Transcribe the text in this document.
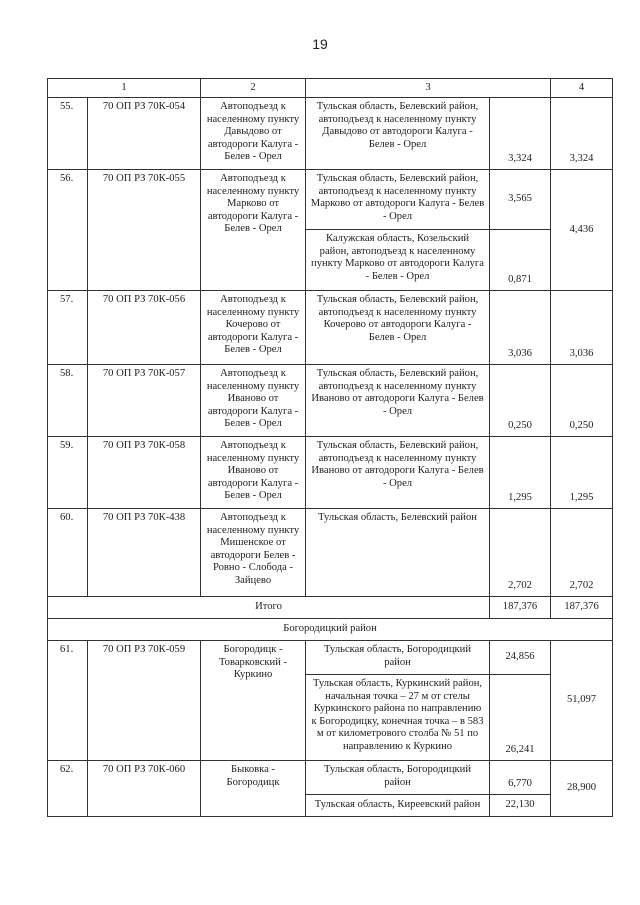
19
1		2	3		4
55.	70 ОП РЗ 70К-054	Автоподъезд к населенному пункту Давыдово от автодороги Калуга - Белев - Орел	Тульская область, Белевский район, автоподъезд к населенному пункту Давыдово от автодороги Калуга - Белев - Орел	3,324	3,324
56.	70 ОП РЗ 70К-055	Автоподъезд к населенному пункту Марково от автодороги Калуга - Белев - Орел	Тульская область, Белевский район, автоподъезд к населенному пункту Марково от автодороги Калуга - Белев - Орел	3,565	4,436
			Калужская область, Козельский район, автоподъезд к населенному пункту Марково от автодороги Калуга - Белев - Орел	0,871	
57.	70 ОП РЗ 70К-056	Автоподъезд к населенному пункту Кочерово от автодороги Калуга - Белев - Орел	Тульская область, Белевский район, автоподъезд к населенному пункту Кочерово от автодороги Калуга - Белев - Орел	3,036	3,036
58.	70 ОП РЗ 70К-057	Автоподъезд к населенному пункту Иваново от автодороги Калуга - Белев - Орел	Тульская область, Белевский район, автоподъезд к населенному пункту Иваново от автодороги Калуга - Белев - Орел	0,250	0,250
59.	70 ОП РЗ 70К-058	Автоподъезд к населенному пункту Иваново от автодороги Калуга - Белев - Орел	Тульская область, Белевский район, автоподъезд к населенному пункту Иваново от автодороги Калуга - Белев - Орел	1,295	1,295
60.	70 ОП РЗ 70К-438	Автоподъезд к населенному пункту Мишенское от автодороги Белев - Ровно - Слобода - Зайцево	Тульская область, Белевский район	2,702	2,702
Итого				187,376	187,376
Богородицкий район					
61.	70 ОП РЗ 70К-059	Богородицк - Товарковский - Куркино	Тульская область, Богородицкий район	24,856	51,097
			Тульская область, Куркинский район, начальная точка – 27 м от стелы Куркинского района по направлению к Богородицку, конечная точка – в 583 м от километрового столба № 51 по направлению к Куркино	26,241	
62.	70 ОП РЗ 70К-060	Быковка - Богородицк	Тульская область, Богородицкий район	6,770	28,900
			Тульская область, Киреевский район	22,130	
